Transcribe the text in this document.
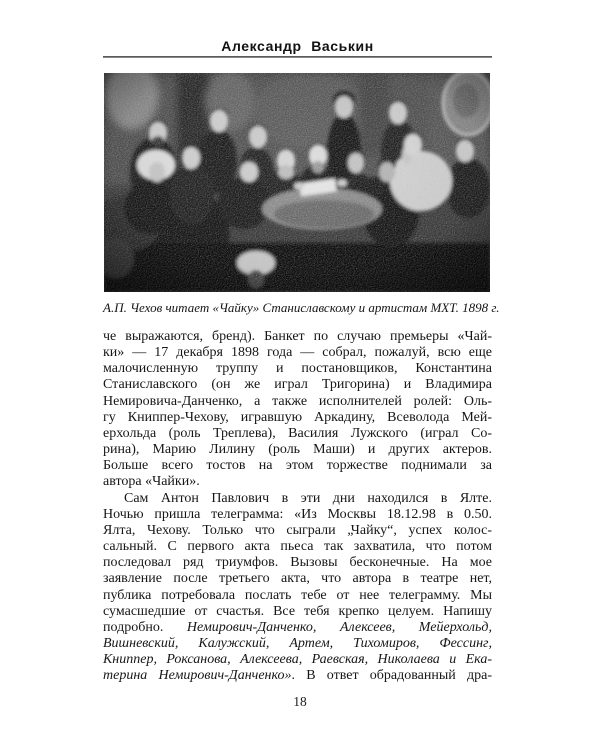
Александр Васькин
А.П. Чехов читает «Чайку» Станиславскому и артистам МХТ. 1898 г.
че выражаются, бренд). Банкет по случаю премьеры «Чай-
ки» — 17 декабря 1898 года — собрал, пожалуй, всю еще
малочисленную труппу и постановщиков, Константина
Станиславского (он же играл Тригорина) и Владимира
Немировича-Данченко, а также исполнителей ролей: Оль-
гу Книппер-Чехову, игравшую Аркадину, Всеволода Мей-
ерхольда (роль Треплева), Василия Лужского (играл Со-
рина), Марию Лилину (роль Маши) и других актеров.
Больше всего тостов на этом торжестве поднимали за
автора «Чайки».
Сам Антон Павлович в эти дни находился в Ялте.
Ночью пришла телеграмма: «Из Москвы 18.12.98 в 0.50.
Ялта, Чехову. Только что сыграли „Чайку“, успех колос-
сальный. С первого акта пьеса так захватила, что потом
последовал ряд триумфов. Вызовы бесконечные. На мое
заявление после третьего акта, что автора в театре нет,
публика потребовала послать тебе от нее телеграмму. Мы
сумасшедшие от счастья. Все тебя крепко целуем. Напишу
подробно. Немирович-Данченко, Алексеев, Мейерхольд,
Вишневский, Калужский, Артем, Тихомиров, Фессинг,
Книппер, Роксанова, Алексеева, Раевская, Николаева и Ека-
терина Немирович-Данченко». В ответ обрадованный дра-
18
